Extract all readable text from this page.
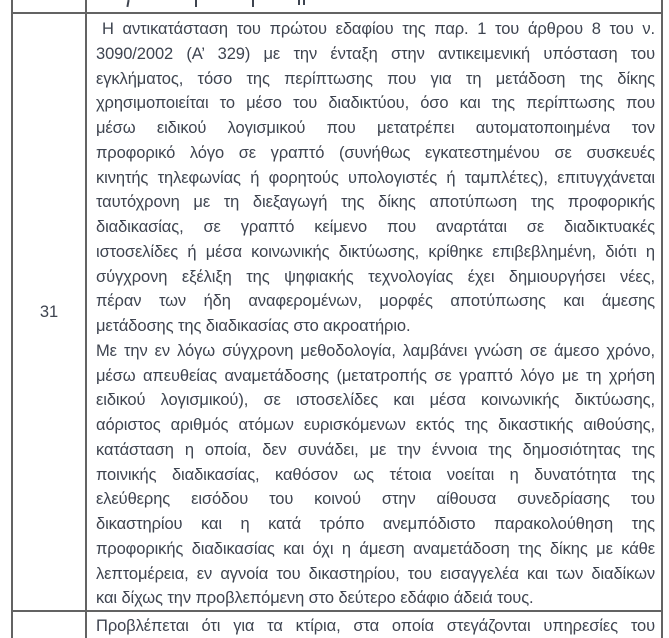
31
Η αντικατάσταση του πρώτου εδαφίου της παρ. 1 του άρθρου 8 του ν.
3090/2002 (Α’ 329) με την ένταξη στην αντικειμενική υπόσταση του
εγκλήματος, τόσο της περίπτωσης που για τη μετάδοση της δίκης
χρησιμοποιείται το μέσο του διαδικτύου, όσο και της περίπτωσης που
μέσω ειδικού λογισμικού που μετατρέπει αυτοματοποιημένα τον
προφορικό λόγο σε γραπτό (συνήθως εγκατεστημένου σε συσκευές
κινητής τηλεφωνίας ή φορητούς υπολογιστές ή ταμπλέτες), επιτυγχάνεται
ταυτόχρονη με τη διεξαγωγή της δίκης αποτύπωση της προφορικής
διαδικασίας, σε γραπτό κείμενο που αναρτάται σε διαδικτυακές
ιστοσελίδες ή μέσα κοινωνικής δικτύωσης, κρίθηκε επιβεβλημένη, διότι η
σύγχρονη εξέλιξη της ψηφιακής τεχνολογίας έχει δημιουργήσει νέες,
πέραν των ήδη αναφερομένων, μορφές αποτύπωσης και άμεσης
μετάδοσης της διαδικασίας στο ακροατήριο.
Με την εν λόγω σύγχρονη μεθοδολογία, λαμβάνει γνώση σε άμεσο χρόνο,
μέσω απευθείας αναμετάδοσης (μετατροπής σε γραπτό λόγο με τη χρήση
ειδικού λογισμικού), σε ιστοσελίδες και μέσα κοινωνικής δικτύωσης,
αόριστος αριθμός ατόμων ευρισκόμενων εκτός της δικαστικής αιθούσης,
κατάσταση η οποία, δεν συνάδει, με την έννοια της δημοσιότητας της
ποινικής διαδικασίας, καθόσον ως τέτοια νοείται η δυνατότητα της
ελεύθερης εισόδου του κοινού στην αίθουσα συνεδρίασης του
δικαστηρίου και η κατά τρόπο ανεμπόδιστο παρακολούθηση της
προφορικής διαδικασίας και όχι η άμεση αναμετάδοση της δίκης με κάθε
λεπτομέρεια, εν αγνοία του δικαστηρίου, του εισαγγελέα και των διαδίκων
και δίχως την προβλεπόμενη στο δεύτερο εδάφιο άδειά τους.
Προβλέπεται ότι για τα κτίρια, στα οποία στεγάζονται υπηρεσίες του
